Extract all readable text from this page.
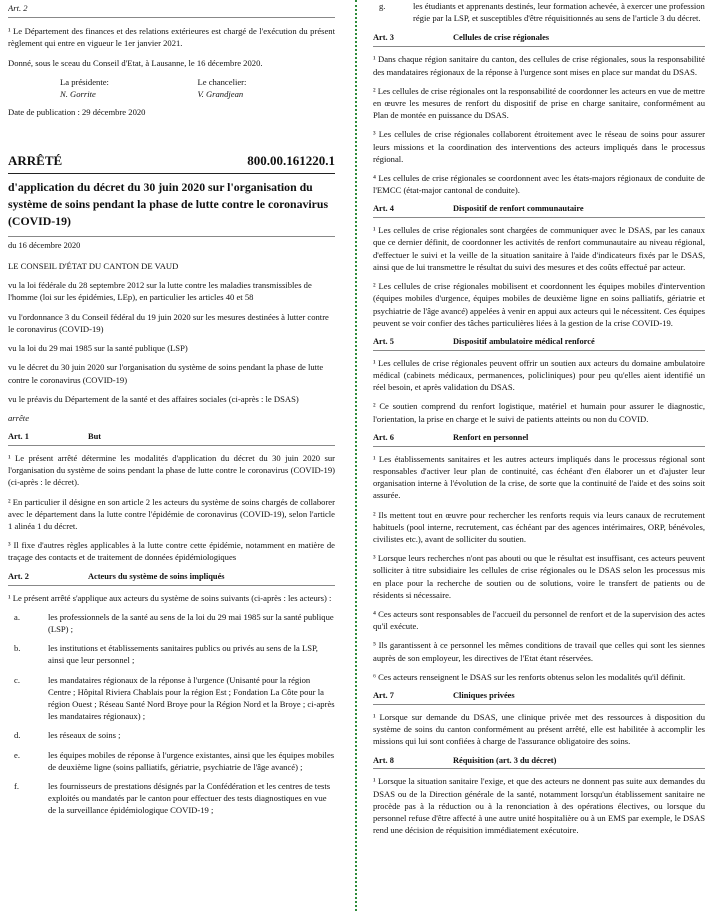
Art. 2

¹ Le Département des finances et des relations extérieures est chargé de l'exécution du présent règlement qui entre en vigueur le 1er janvier 2021.

Donné, sous le sceau du Conseil d'Etat, à Lausanne, le 16 décembre 2020.

La présidente:	Le chancelier:
N. Gorrite	V. Grandjean

Date de publication : 29 décembre 2020

ARRÊTÉ	800.00.161220.1
d'application du décret du 30 juin 2020 sur l'organisation du système de soins pendant la phase de lutte contre le coronavirus (COVID-19)
du 16 décembre 2020

LE CONSEIL D'ÉTAT DU CANTON DE VAUD

vu la loi fédérale du 28 septembre 2012 sur la lutte contre les maladies transmissibles de l'homme (loi sur les épidémies, LEp), en particulier les articles 40 et 58

vu l'ordonnance 3 du Conseil fédéral du 19 juin 2020 sur les mesures destinées à lutter contre le coronavirus (COVID-19)

vu la loi du 29 mai 1985 sur la santé publique (LSP)

vu le décret du 30 juin 2020 sur l'organisation du système de soins pendant la phase de lutte contre le coronavirus (COVID-19)

vu le préavis du Département de la santé et des affaires sociales (ci-après : le DSAS)

arrête

Art. 1	But

¹ Le présent arrêté détermine les modalités d'application du décret du 30 juin 2020 sur l'organisation du système de soins pendant la phase de lutte contre le coronavirus (COVID-19) (ci-après : le décret).

² En particulier il désigne en son article 2 les acteurs du système de soins chargés de collaborer avec le département dans la lutte contre l'épidémie de coronavirus (COVID-19), selon l'article 1 alinéa 1 du décret.

³ Il fixe d'autres règles applicables à la lutte contre cette épidémie, notamment en matière de traçage des contacts et de traitement de données épidémiologiques

Art. 2	Acteurs du système de soins impliqués

¹ Le présent arrêté s'applique aux acteurs du système de soins suivants (ci-après : les acteurs) :

a.	les professionnels de la santé au sens de la loi du 29 mai 1985 sur la santé publique (LSP) ;
b.	les institutions et établissements sanitaires publics ou privés au sens de la LSP, ainsi que leur personnel ;
c.	les mandataires régionaux de la réponse à l'urgence (Unisanté pour la région Centre ; Hôpital Riviera Chablais pour la région Est ; Fondation La Côte pour la région Ouest ; Réseau Santé Nord Broye pour la Région Nord et la Broye ; ci-après les mandataires régionaux) ;
d.	les réseaux de soins ;
e.	les équipes mobiles de réponse à l'urgence existantes, ainsi que les équipes mobiles de deuxième ligne (soins palliatifs, gériatrie, psychiatrie de l'âge avancé) ;
f.	les fournisseurs de prestations désignés par la Confédération et les centres de tests exploités ou mandatés par le canton pour effectuer des tests diagnostiques en vue de la surveillance épidémiologique COVID-19 ;
g.	les étudiants et apprenants destinés, leur formation achevée, à exercer une profession régie par la LSP, et susceptibles d'être réquisitionnés au sens de l'article 3 du décret.
Art. 3	Cellules de crise régionales

¹ Dans chaque région sanitaire du canton, des cellules de crise régionales, sous la responsabilité des mandataires régionaux de la réponse à l'urgence sont mises en place sur mandat du DSAS.

² Les cellules de crise régionales ont la responsabilité de coordonner les acteurs en vue de mettre en œuvre les mesures de renfort du dispositif de prise en charge sanitaire, conformément au Plan de montée en puissance du DSAS.

³ Les cellules de crise régionales collaborent étroitement avec le réseau de soins pour assurer leurs missions et la coordination des interventions des acteurs impliqués dans le processus régional.

⁴ Les cellules de crise régionales se coordonnent avec les états-majors régionaux de conduite de l'EMCC (état-major cantonal de conduite).

Art. 4	Dispositif de renfort communautaire

¹ Les cellules de crise régionales sont chargées de communiquer avec le DSAS, par les canaux que ce dernier définit, de coordonner les activités de renfort communautaire au niveau régional, d'effectuer le suivi et la veille de la situation sanitaire à l'aide d'indicateurs fixés par le DSAS, ainsi que de lui transmettre le résultat du suivi des mesures et des coûts effectué par acteur.

² Les cellules de crise régionales mobilisent et coordonnent les équipes mobiles d'intervention (équipes mobiles d'urgence, équipes mobiles de deuxième ligne en soins palliatifs, gériatrie et psychiatrie de l'âge avancé) appelées à venir en appui aux acteurs qui le nécessitent. Ces équipes peuvent se voir confier des tâches particulières liées à la gestion de la crise COVID-19.

Art. 5	Dispositif ambulatoire médical renforcé

¹ Les cellules de crise régionales peuvent offrir un soutien aux acteurs du domaine ambulatoire médical (cabinets médicaux, permanences, policliniques) pour peu qu'elles aient identifié un réel besoin, et après validation du DSAS.

² Ce soutien comprend du renfort logistique, matériel et humain pour assurer le diagnostic, l'orientation, la prise en charge et le suivi de patients atteints ou non du COVID.

Art. 6	Renfort en personnel

¹ Les établissements sanitaires et les autres acteurs impliqués dans le processus régional sont responsables d'activer leur plan de continuité, cas échéant d'en élaborer un et d'ajuster leur organisation interne à l'évolution de la crise, de sorte que la continuité de l'aide et des soins soit assurée.

² Ils mettent tout en œuvre pour rechercher les renforts requis via leurs canaux de recrutement habituels (pool interne, recrutement, cas échéant par des agences intérimaires, ORP, bénévoles, civilistes etc.), avant de solliciter du soutien.

³ Lorsque leurs recherches n'ont pas abouti ou que le résultat est insuffisant, ces acteurs peuvent solliciter à titre subsidiaire les cellules de crise régionales ou le DSAS selon les processus mis en place pour la recherche de soutien ou de solutions, voire le transfert de patients ou de résidents si nécessaire.

⁴ Ces acteurs sont responsables de l'accueil du personnel de renfort et de la supervision des actes qu'il exécute.

⁵ Ils garantissent à ce personnel les mêmes conditions de travail que celles qui sont les siennes auprès de son employeur, les directives de l'Etat étant réservées.

⁶ Ces acteurs renseignent le DSAS sur les renforts obtenus selon les modalités qu'il définit.

Art. 7	Cliniques privées

¹ Lorsque sur demande du DSAS, une clinique privée met des ressources à disposition du système de soins du canton conformément au présent arrêté, elle est habilitée à accomplir les missions qui lui sont confiées à charge de l'assurance obligatoire des soins.

Art. 8	Réquisition (art. 3 du décret)

¹ Lorsque la situation sanitaire l'exige, et que des acteurs ne donnent pas suite aux demandes du DSAS ou de la Direction générale de la santé, notamment lorsqu'un établissement sanitaire ne procède pas à la réduction ou à la renonciation à des opérations électives, ou lorsque du personnel refuse d'être affecté à une autre unité hospitalière ou à un EMS par exemple, le DSAS rend une décision de réquisition immédiatement exécutoire.
